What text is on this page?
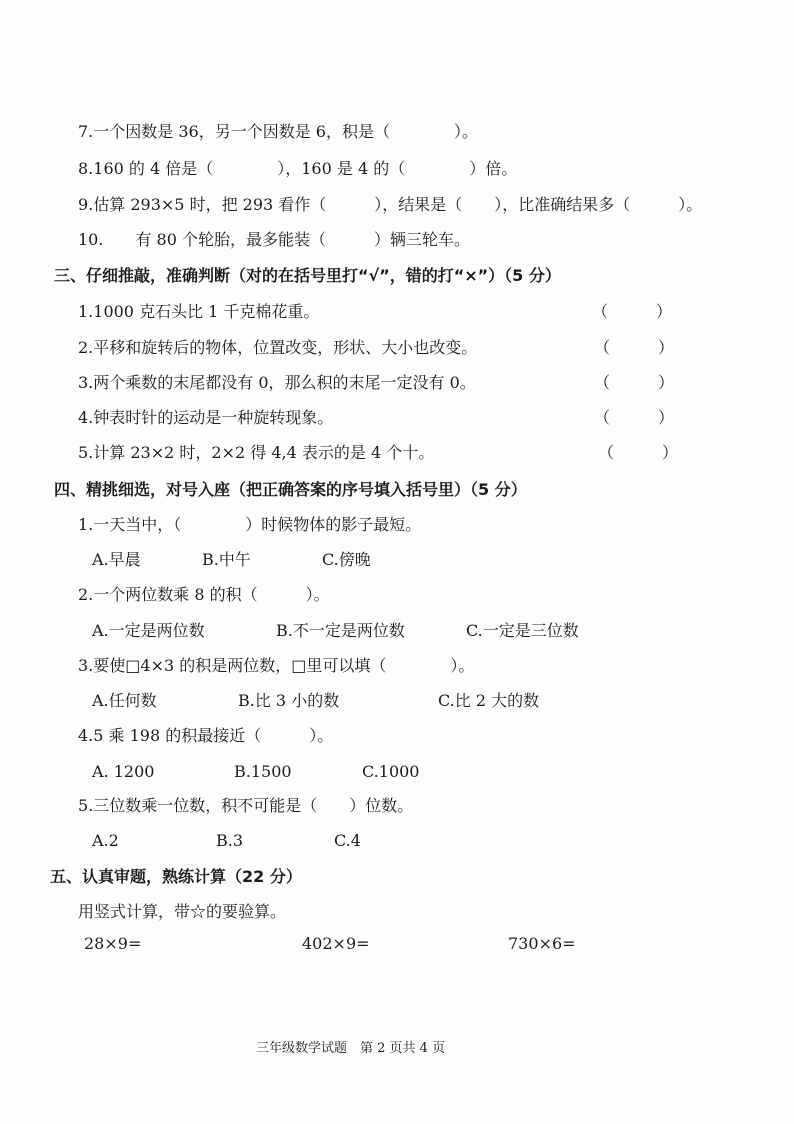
7.一个因数是 36，另一个因数是 6，积是（　　　　）。
8.160 的 4 倍是（　　　　），160 是 4 的（　　　　）倍。
9.估算 293×5 时，把 293 看作（　　　），结果是（　　），比准确结果多（　　　）。
10.　　有 80 个轮胎，最多能装（　　　）辆三轮车。
三、仔细推敲，准确判断（对的在括号里打“√”，错的打“×”）（5 分）
1.1000 克石头比 1 千克棉花重。	（　　　）
2.平移和旋转后的物体，位置改变，形状、大小也改变。	（　　　）
3.两个乘数的末尾都没有 0，那么积的末尾一定没有 0。	（　　　）
4.钟表时针的运动是一种旋转现象。	（　　　）
5.计算 23×2 时，2×2 得 4,4 表示的是 4 个十。	（　　　）
四、精挑细选，对号入座（把正确答案的序号填入括号里）（5 分）
1.一天当中，（　　　　）时候物体的影子最短。
A.早晨	B.中午	C.傍晚
2.一个两位数乘 8 的积（　　　）。
A.一定是两位数	B.不一定是两位数	C.一定是三位数
3.要使□4×3 的积是两位数，□里可以填（　　　　）。
A.任何数	B.比 3 小的数	C.比 2 大的数
4.5 乘 198 的积最接近（　　　）。
A. 1200	B.1500	C.1000
5.三位数乘一位数，积不可能是（　　）位数。
A.2	B.3	C.4
五、认真审题，熟练计算（22 分）
用竖式计算，带☆的要验算。
28×9=	402×9=	730×6=
三年级数学试题　第 2 页共 4 页
